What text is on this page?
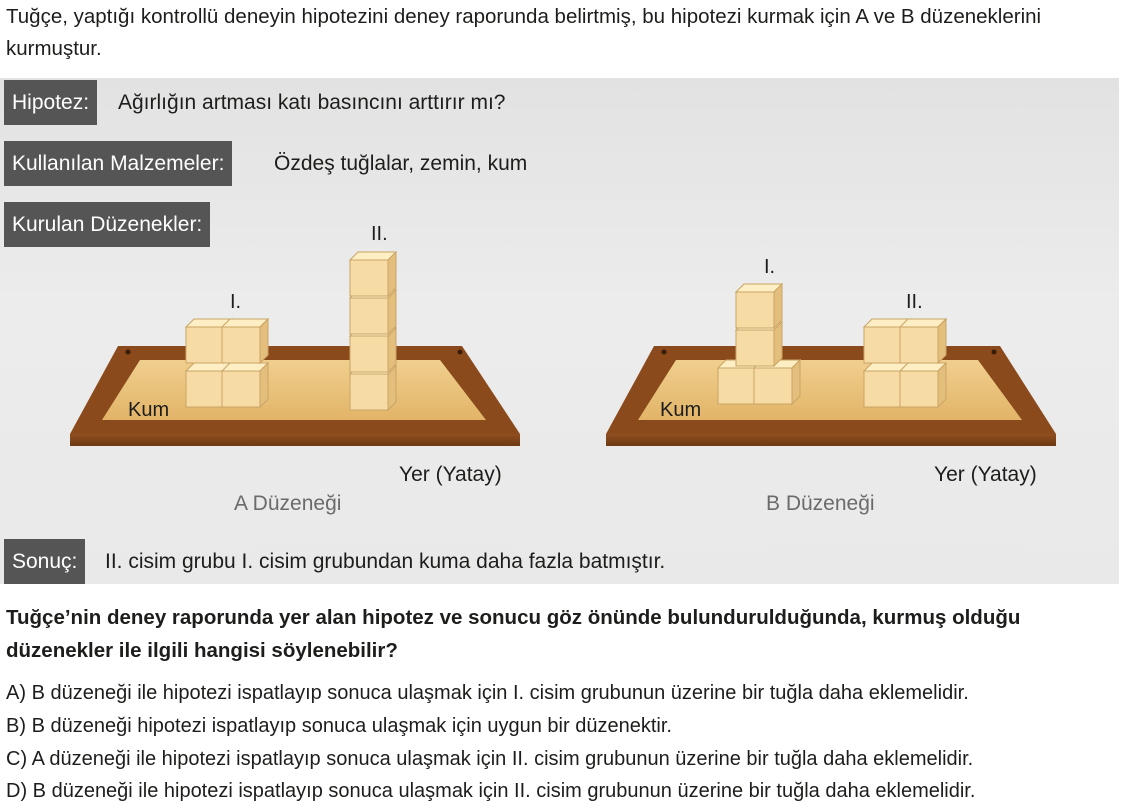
Tuğçe, yaptığı kontrollü deneyin hipotezini deney raporunda belirtmiş, bu hipotezi kurmak için A ve B düzeneklerini kurmuştur.

Hipotez:	Ağırlığın artması katı basıncını arttırır mı?
Kullanılan Malzemeler:	Özdeş tuğlalar, zemin, kum
Kurulan Düzenekler:
I.
II.
Kum
Yer (Yatay)
A Düzeneği
I.
II.
Kum
Yer (Yatay)
B Düzeneği
Sonuç:	II. cisim grubu I. cisim grubundan kuma daha fazla batmıştır.

Tuğçe’nin deney raporunda yer alan hipotez ve sonucu göz önünde bulundurulduğunda, kurmuş olduğu düzenekler ile ilgili hangisi söylenebilir?

A) B düzeneği ile hipotezi ispatlayıp sonuca ulaşmak için I. cisim grubunun üzerine bir tuğla daha eklemelidir.
B) B düzeneği hipotezi ispatlayıp sonuca ulaşmak için uygun bir düzenektir.
C) A düzeneği ile hipotezi ispatlayıp sonuca ulaşmak için II. cisim grubunun üzerine bir tuğla daha eklemelidir.
D) B düzeneği ile hipotezi ispatlayıp sonuca ulaşmak için II. cisim grubunun üzerine bir tuğla daha eklemelidir.
